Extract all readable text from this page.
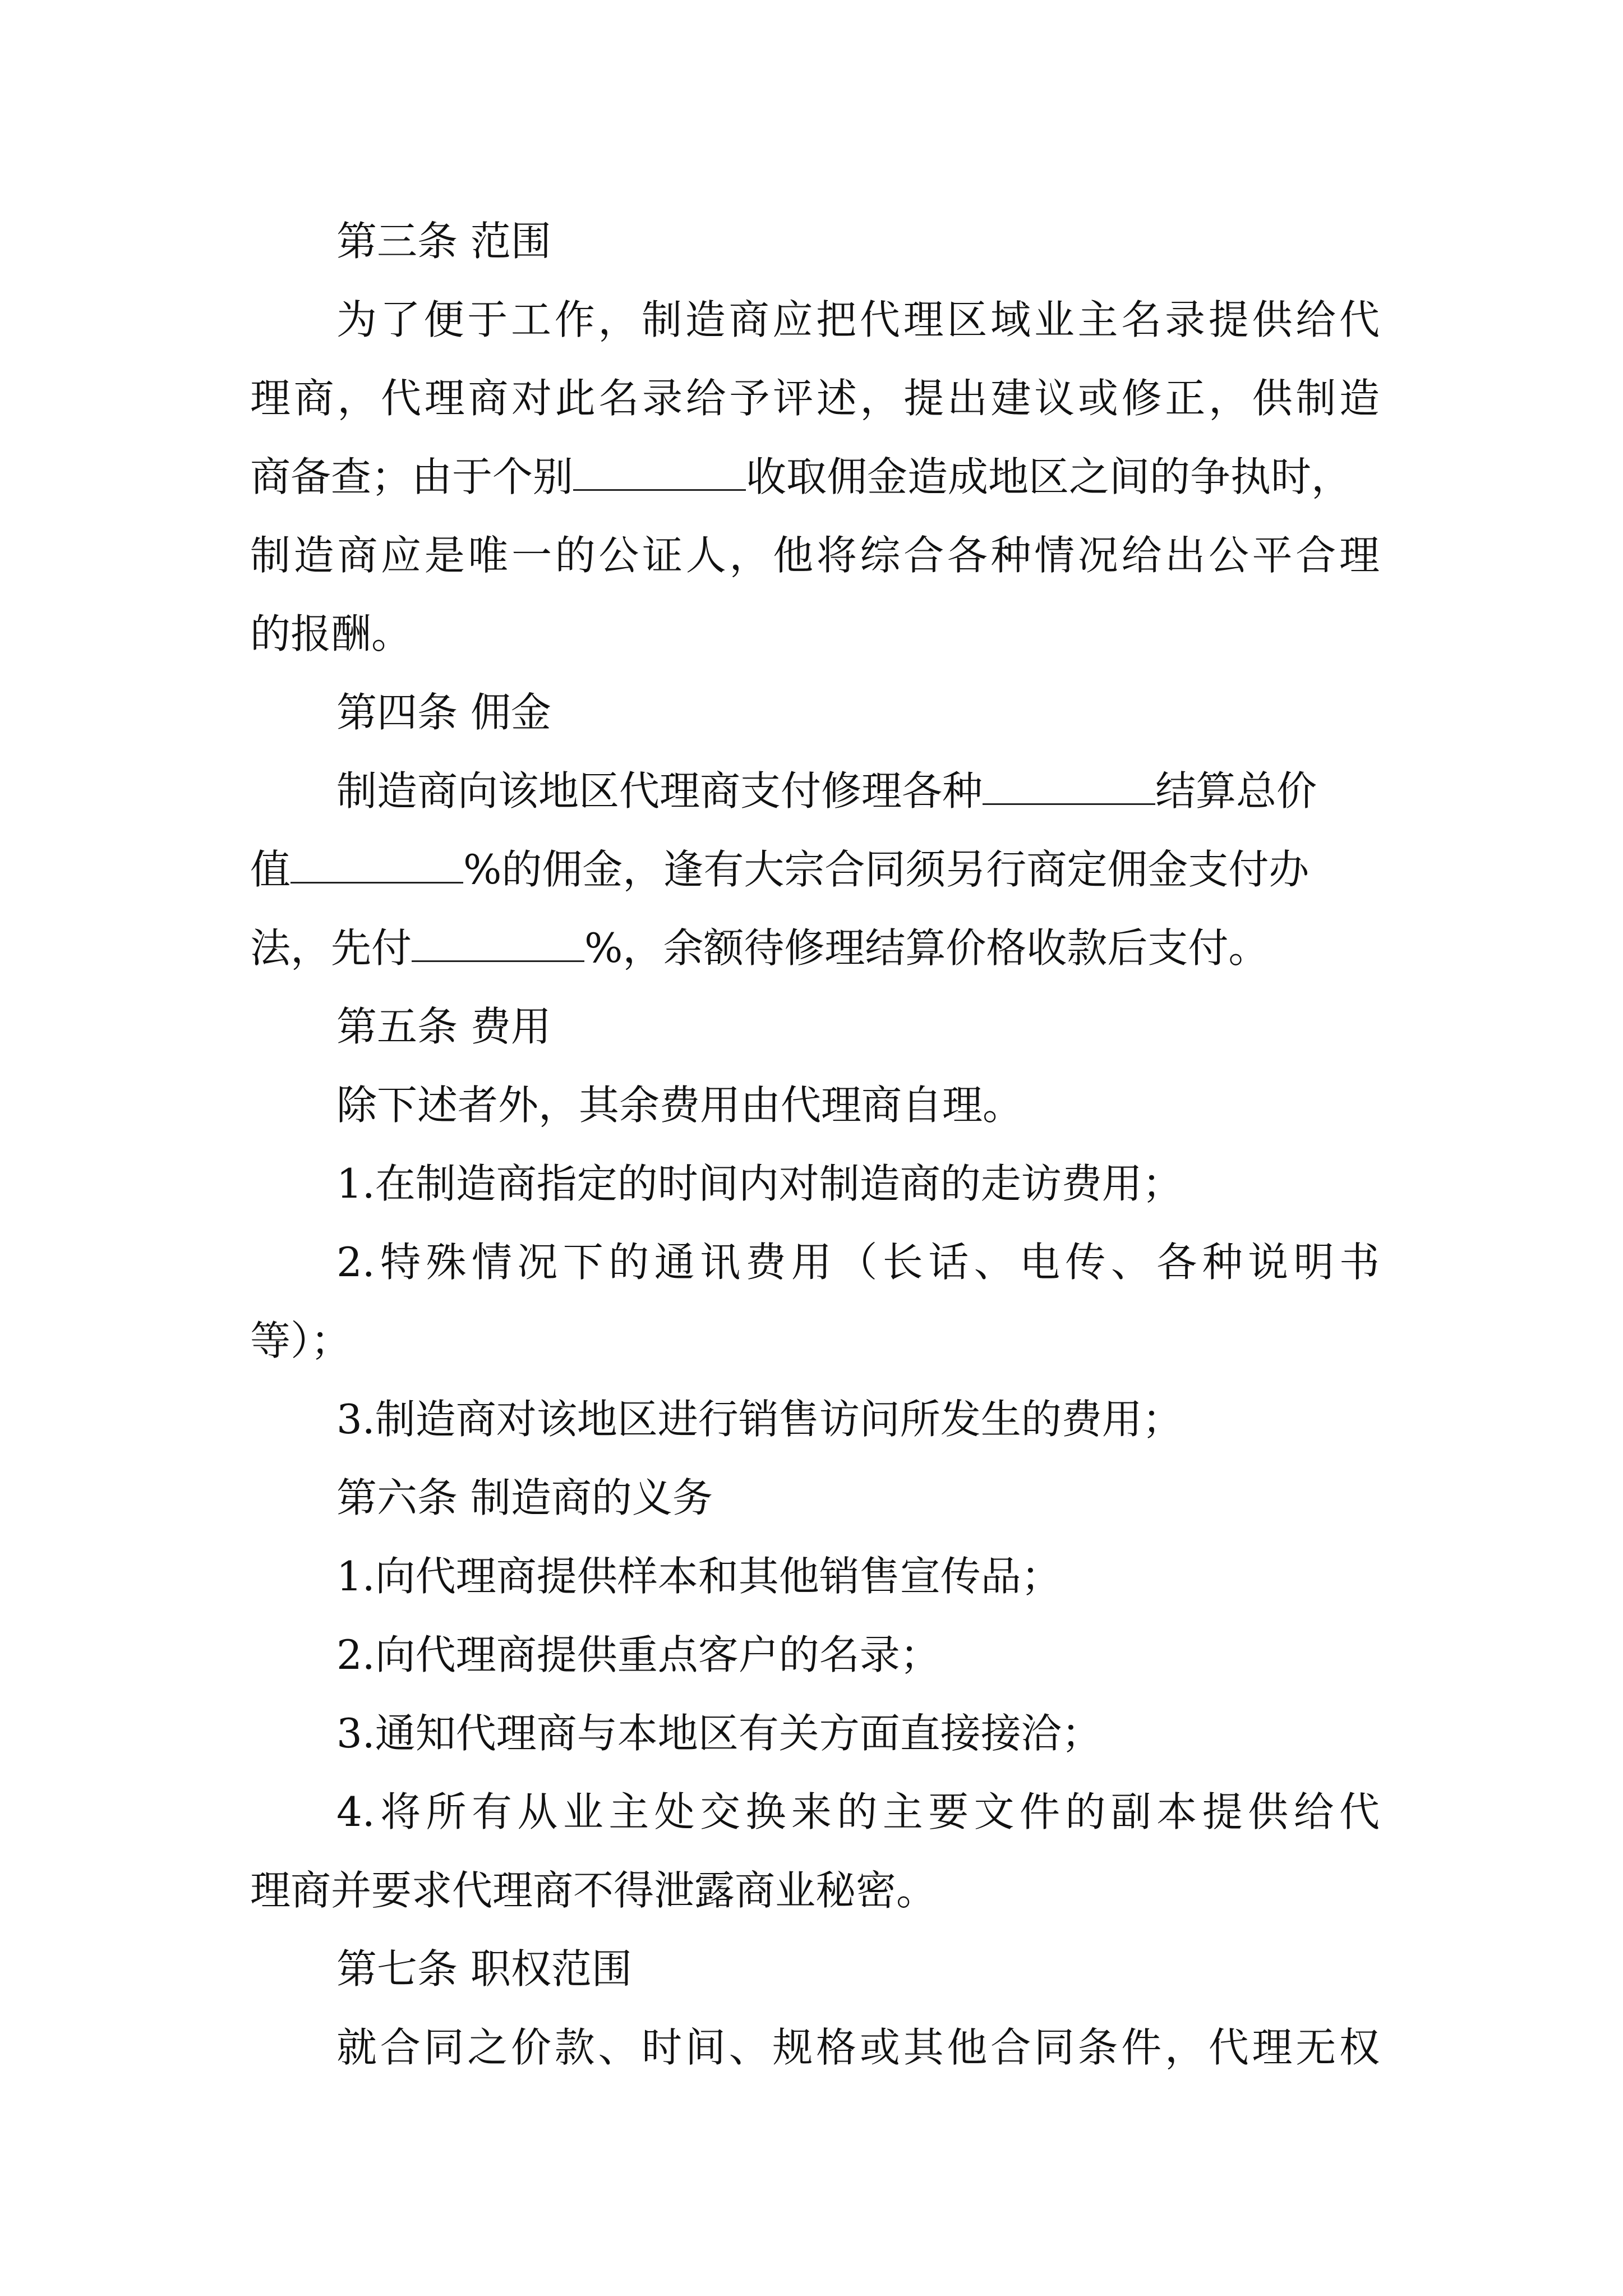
第三条 范围
为了便于工作，制造商应把代理区域业主名录提供给代
理商，代理商对此名录给予评述，提出建议或修正，供制造
商备查；由于个别	收取佣金造成地区之间的争执时，
制造商应是唯一的公证人，他将综合各种情况给出公平合理
的报酬。
第四条 佣金
制造商向该地区代理商支付修理各种	结算总价
值	%的佣金，逢有大宗合同须另行商定佣金支付办
法，先付	%，余额待修理结算价格收款后支付。
第五条 费用
除下述者外，其余费用由代理商自理。
1.在制造商指定的时间内对制造商的走访费用；
2.特殊情况下的通讯费用（长话、电传、各种说明书
等）；
3.制造商对该地区进行销售访问所发生的费用；
第六条 制造商的义务
1.向代理商提供样本和其他销售宣传品；
2.向代理商提供重点客户的名录；
3.通知代理商与本地区有关方面直接接洽；
4.将所有从业主处交换来的主要文件的副本提供给代
理商并要求代理商不得泄露商业秘密。
第七条 职权范围
就合同之价款、时间、规格或其他合同条件，代理无权
